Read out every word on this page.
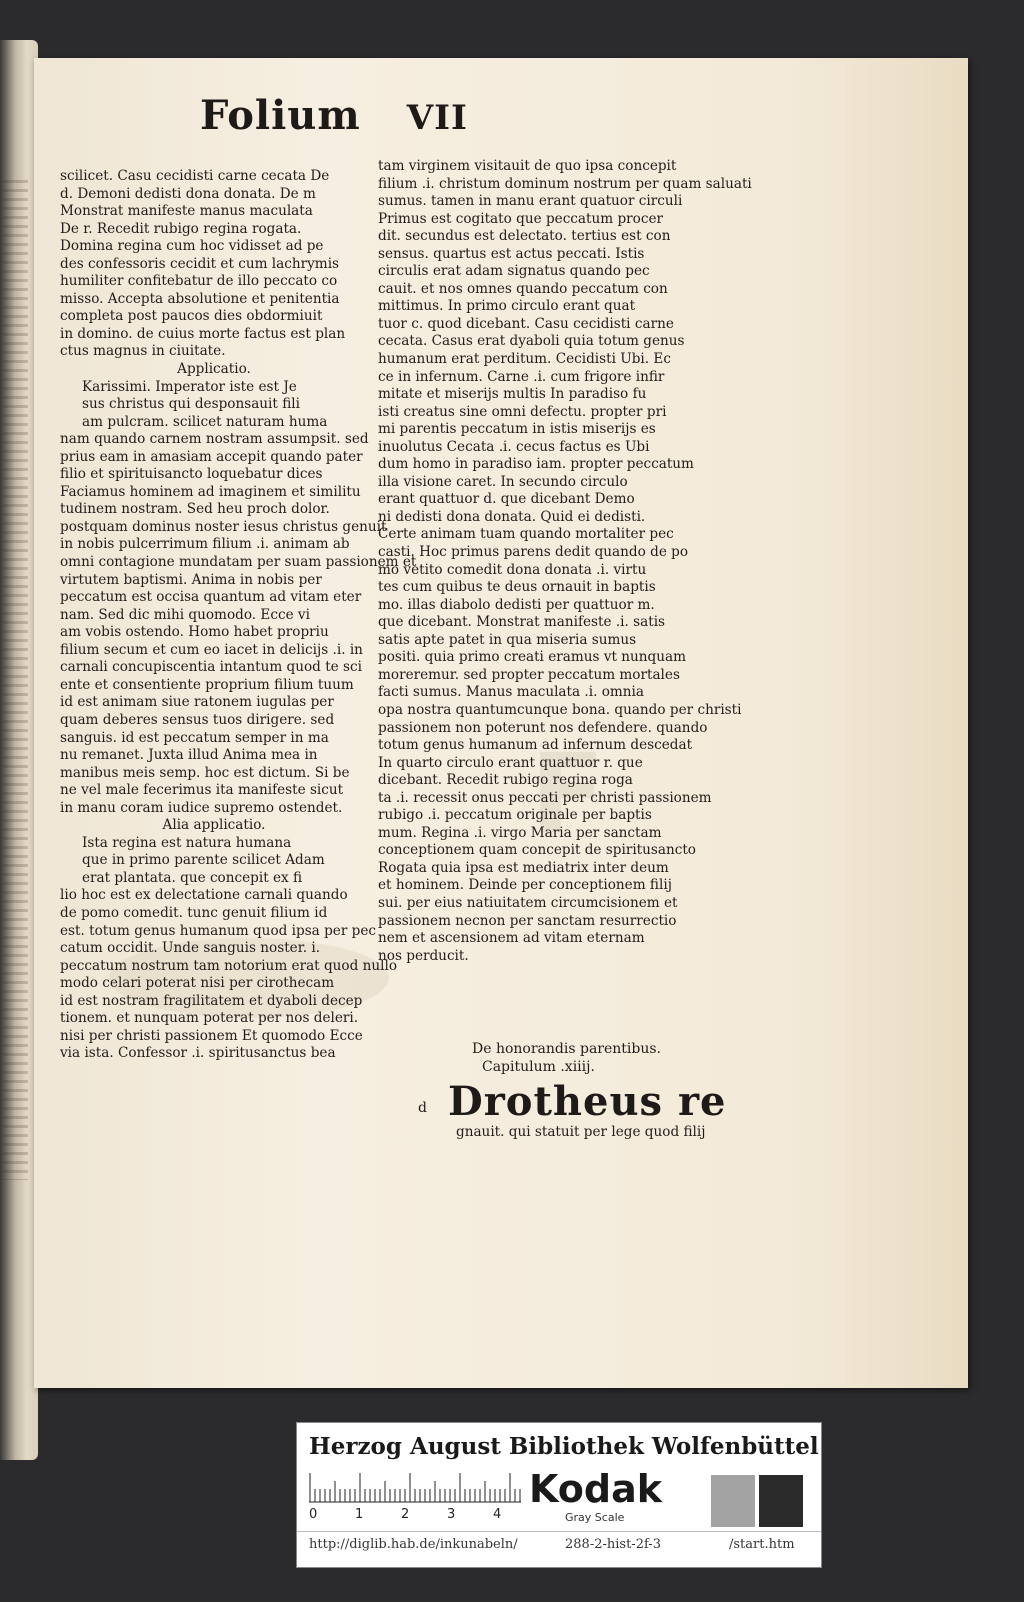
F
Folium VII
scilicet. Casu cecidisti carne cecata De
d. Demoni dedisti dona donata. De m
Monstrat manifeste manus maculata
De r. Recedit rubigo regina rogata.
Domina regina cum hoc vidisset ad pe
des confessoris cecidit et cum lachrymis
humiliter confitebatur de illo peccato co
misso. Accepta absolutione et penitentia
completa post paucos dies obdormiuit
in domino. de cuius morte factus est plan
ctus magnus in ciuitate.
Applicatio.
Karissimi. Imperator iste est Je
sus christus qui desponsauit fili
am pulcram. scilicet naturam huma
nam quando carnem nostram assumpsit. sed
prius eam in amasiam accepit quando pater
filio et spirituisancto loquebatur dices
Faciamus hominem ad imaginem et similitu
tudinem nostram. Sed heu proch dolor.
postquam dominus noster iesus christus genuit
in nobis pulcerrimum filium .i. animam ab
omni contagione mundatam per suam passionem et
virtutem baptismi. Anima in nobis per
peccatum est occisa quantum ad vitam eter
nam. Sed dic mihi quomodo. Ecce vi
am vobis ostendo. Homo habet propriu
filium secum et cum eo iacet in delicijs .i. in
carnali concupiscentia intantum quod te sci
ente et consentiente proprium filium tuum
id est animam siue ratonem iugulas per
quam deberes sensus tuos dirigere. sed
sanguis. id est peccatum semper in ma
nu remanet. Juxta illud Anima mea in
manibus meis semp. hoc est dictum. Si be
ne vel male fecerimus ita manifeste sicut
in manu coram iudice supremo ostendet.
Alia applicatio.
Ista regina est natura humana
que in primo parente scilicet Adam
erat plantata. que concepit ex fi
lio hoc est ex delectatione carnali quando
de pomo comedit. tunc genuit filium id
est. totum genus humanum quod ipsa per pec
catum occidit. Unde sanguis noster. i.
peccatum nostrum tam notorium erat quod nullo
modo celari poterat nisi per cirothecam
id est nostram fragilitatem et dyaboli decep
tionem. et nunquam poterat per nos deleri.
nisi per christi passionem Et quomodo Ecce
via ista. Confessor .i. spiritusanctus bea
tam virginem visitauit de quo ipsa concepit
filium .i. christum dominum nostrum per quam saluati
sumus. tamen in manu erant quatuor circuli
Primus est cogitato que peccatum procer
dit. secundus est delectato. tertius est con
sensus. quartus est actus peccati. Istis
circulis erat adam signatus quando pec
cauit. et nos omnes quando peccatum con
mittimus. In primo circulo erant quat
tuor c. quod dicebant. Casu cecidisti carne
cecata. Casus erat dyaboli quia totum genus
humanum erat perditum. Cecidisti Ubi. Ec
ce in infernum. Carne .i. cum frigore infir
mitate et miserijs multis In paradiso fu
isti creatus sine omni defectu. propter pri
mi parentis peccatum in istis miserijs es
inuolutus Cecata .i. cecus factus es Ubi
dum homo in paradiso iam. propter peccatum
illa visione caret. In secundo circulo
erant quattuor d. que dicebant Demo
ni dedisti dona donata. Quid ei dedisti.
Certe animam tuam quando mortaliter pec
casti. Hoc primus parens dedit quando de po
mo vetito comedit dona donata .i. virtu
tes cum quibus te deus ornauit in baptis
mo. illas diabolo dedisti per quattuor m.
que dicebant. Monstrat manifeste .i. satis
satis apte patet in qua miseria sumus
positi. quia primo creati eramus vt nunquam
moreremur. sed propter peccatum mortales
facti sumus. Manus maculata .i. omnia
opa nostra quantumcunque bona. quando per christi
passionem non poterunt nos defendere. quando
totum genus humanum ad infernum descedat
In quarto circulo erant quattuor r. que
dicebant. Recedit rubigo regina roga
ta .i. recessit onus peccati per christi passionem
rubigo .i. peccatum originale per baptis
mum. Regina .i. virgo Maria per sanctam
conceptionem quam concepit de spiritusancto
Rogata quia ipsa est mediatrix inter deum
et hominem. Deinde per conceptionem filij
sui. per eius natiuitatem circumcisionem et
passionem necnon per sanctam resurrectio
nem et ascensionem ad vitam eternam
nos perducit.
De honorandis parentibus.
Capitulum .xiiij.
d Drotheus re
gnauit. qui statuit per lege quod filij
Herzog August Bibliothek Wolfenbüttel
0	1	2	3	4
Kodak
Gray Scale
http://diglib.hab.de/inkunabeln/	288-2-hist-2f-3	/start.htm
